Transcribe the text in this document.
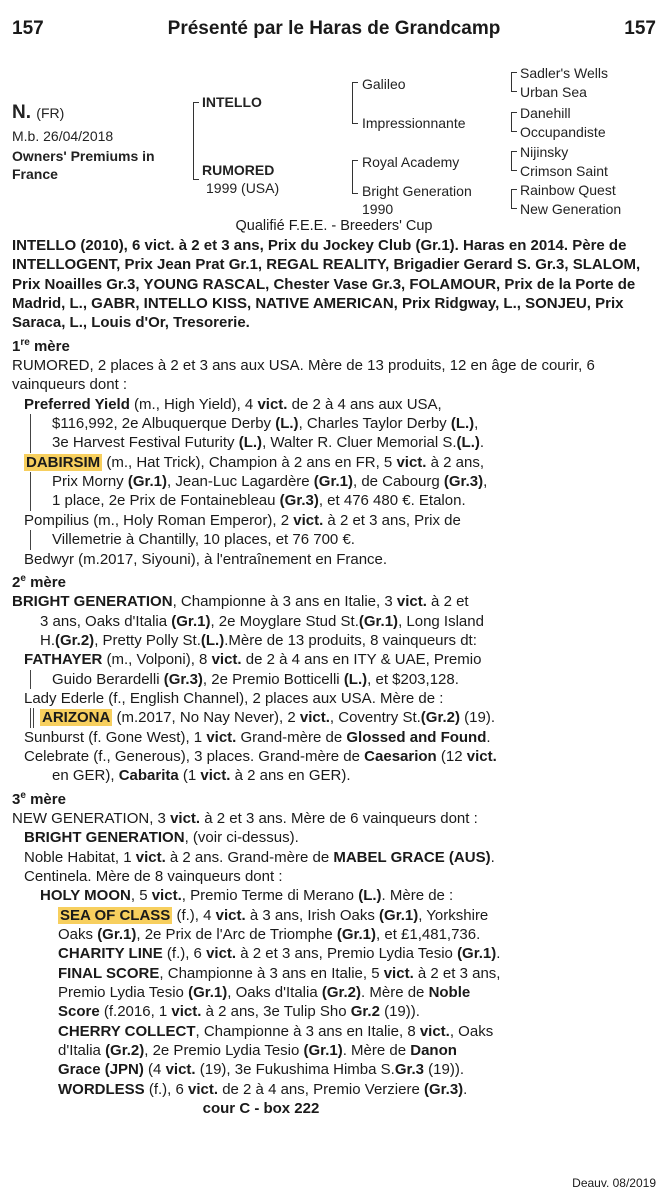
157	Présenté par le Haras de Grandcamp	157
N. (FR)
M.b. 26/04/2018
Owners' Premiums in
France
INTELLO
RUMORED
1999 (USA)
Galileo
Impressionnante
Royal Academy
Bright Generation
1990
Sadler's Wells
Urban Sea
Danehill
Occupandiste
Nijinsky
Crimson Saint
Rainbow Quest
New Generation
Qualifié F.E.E. - Breeders' Cup

INTELLO (2010), 6 vict. à 2 et 3 ans, Prix du Jockey Club (Gr.1). Haras en 2014. Père de INTELLOGENT, Prix Jean Prat Gr.1, REGAL REALITY, Brigadier Gerard S. Gr.3, SLALOM, Prix Noailles Gr.3, YOUNG RASCAL, Chester Vase Gr.3, FOLAMOUR, Prix de la Porte de Madrid, L., GABR, INTELLO KISS, NATIVE AMERICAN, Prix Ridgway, L., SONJEU, Prix Saraca, L., Louis d'Or, Tresorerie.

1re mère

RUMORED, 2 places à 2 et 3 ans aux USA. Mère de 13 produits, 12 en âge de courir, 6 vainqueurs dont :

Preferred Yield (m., High Yield), 4 vict. de 2 à 4 ans aux USA,

$116,992, 2e Albuquerque Derby (L.), Charles Taylor Derby (L.),

3e Harvest Festival Futurity (L.), Walter R. Cluer Memorial S.(L.).

DABIRSIM (m., Hat Trick), Champion à 2 ans en FR, 5 vict. à 2 ans,

Prix Morny (Gr.1), Jean-Luc Lagardère (Gr.1), de Cabourg (Gr.3),

1 place, 2e Prix de Fontainebleau (Gr.3), et 476 480 €. Etalon.

Pompilius (m., Holy Roman Emperor), 2 vict. à 2 et 3 ans, Prix de

Villemetrie à Chantilly, 10 places, et 76 700 €.

Bedwyr (m.2017, Siyouni), à l'entraînement en France.

2e mère

BRIGHT GENERATION, Championne à 3 ans en Italie, 3 vict. à 2 et

3 ans, Oaks d'Italia (Gr.1), 2e Moyglare Stud St.(Gr.1), Long Island

H.(Gr.2), Pretty Polly St.(L.).Mère de 13 produits, 8 vainqueurs dt:

FATHAYER (m., Volponi), 8 vict. de 2 à 4 ans en ITY & UAE, Premio

Guido Berardelli (Gr.3), 2e Premio Botticelli (L.), et $203,128.

Lady Ederle (f., English Channel), 2 places aux USA. Mère de :

ARIZONA (m.2017, No Nay Never), 2 vict., Coventry St.(Gr.2) (19).

Sunburst (f. Gone West), 1 vict. Grand-mère de Glossed and Found.

Celebrate (f., Generous), 3 places. Grand-mère de Caesarion (12 vict.

en GER), Cabarita (1 vict. à 2 ans en GER).

3e mère

NEW GENERATION, 3 vict. à 2 et 3 ans. Mère de 6 vainqueurs dont :

BRIGHT GENERATION, (voir ci-dessus).

Noble Habitat, 1 vict. à 2 ans. Grand-mère de MABEL GRACE (AUS).

Centinela. Mère de 8 vainqueurs dont :

HOLY MOON, 5 vict., Premio Terme di Merano (L.). Mère de :

SEA OF CLASS (f.), 4 vict. à 3 ans, Irish Oaks (Gr.1), Yorkshire

Oaks (Gr.1), 2e Prix de l'Arc de Triomphe (Gr.1), et £1,481,736.

CHARITY LINE (f.), 6 vict. à 2 et 3 ans, Premio Lydia Tesio (Gr.1).

FINAL SCORE, Championne à 3 ans en Italie, 5 vict. à 2 et 3 ans,

Premio Lydia Tesio (Gr.1), Oaks d'Italia (Gr.2). Mère de Noble

Score (f.2016, 1 vict. à 2 ans, 3e Tulip Sho Gr.2 (19)).

CHERRY COLLECT, Championne à 3 ans en Italie, 8 vict., Oaks

d'Italia (Gr.2), 2e Premio Lydia Tesio (Gr.1). Mère de Danon

Grace (JPN) (4 vict. (19), 3e Fukushima Himba S.Gr.3 (19)).

WORDLESS (f.), 6 vict. de 2 à 4 ans, Premio Verziere (Gr.3).

cour C - box 222

Deauv. 08/2019
